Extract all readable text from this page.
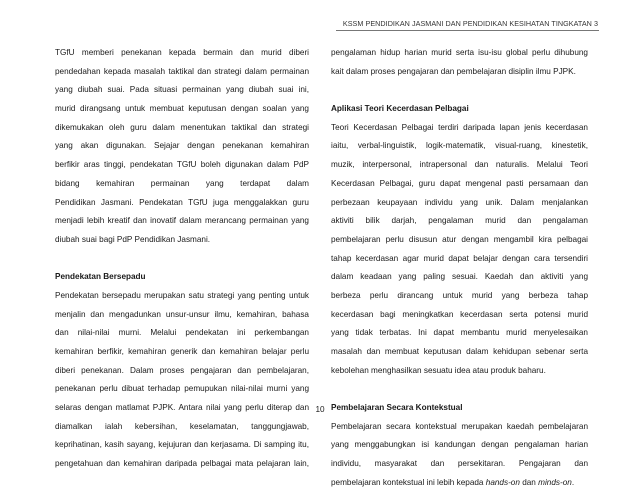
KSSM PENDIDIKAN JASMANI DAN PENDIDIKAN KESIHATAN TINGKATAN 3
TGfU memberi penekanan kepada bermain dan murid diberi
pendedahan kepada masalah taktikal dan strategi dalam permainan
yang diubah suai. Pada situasi permainan yang diubah suai ini,
murid dirangsang untuk membuat keputusan dengan soalan yang
dikemukakan oleh guru dalam menentukan taktikal dan strategi
yang akan digunakan. Sejajar dengan penekanan kemahiran
berfikir aras tinggi, pendekatan TGfU boleh digunakan dalam PdP
bidang kemahiran permainan yang terdapat dalam
Pendidikan Jasmani. Pendekatan TGfU juga menggalakkan guru
menjadi lebih kreatif dan inovatif dalam merancang permainan yang
diubah suai bagi PdP Pendidikan Jasmani.
Pendekatan Bersepadu
Pendekatan bersepadu merupakan satu strategi yang penting untuk
menjalin dan mengadunkan unsur-unsur ilmu, kemahiran, bahasa
dan nilai-nilai murni. Melalui pendekatan ini perkembangan
kemahiran berfikir, kemahiran generik dan kemahiran belajar perlu
diberi penekanan. Dalam proses pengajaran dan pembelajaran,
penekanan perlu dibuat terhadap pemupukan nilai-nilai murni yang
selaras dengan matlamat PJPK. Antara nilai yang perlu diterap dan
diamalkan ialah kebersihan, keselamatan, tanggungjawab,
keprihatinan, kasih sayang, kejujuran dan kerjasama. Di samping itu,
pengetahuan dan kemahiran daripada pelbagai mata pelajaran lain,
pengalaman hidup harian murid serta isu-isu global perlu dihubung
kait dalam proses pengajaran dan pembelajaran disiplin ilmu PJPK.
Aplikasi Teori Kecerdasan Pelbagai
Teori Kecerdasan Pelbagai terdiri daripada lapan jenis kecerdasan
iaitu, verbal-linguistik, logik-matematik, visual-ruang, kinestetik,
muzik, interpersonal, intrapersonal dan naturalis. Melalui Teori
Kecerdasan Pelbagai, guru dapat mengenal pasti persamaan dan
perbezaan keupayaan individu yang unik. Dalam menjalankan
aktiviti bilik darjah, pengalaman murid dan pengalaman
pembelajaran perlu disusun atur dengan mengambil kira pelbagai
tahap kecerdasan agar murid dapat belajar dengan cara tersendiri
dalam keadaan yang paling sesuai. Kaedah dan aktiviti yang
berbeza perlu dirancang untuk murid yang berbeza tahap
kecerdasan bagi meningkatkan kecerdasan serta potensi murid
yang tidak terbatas. Ini dapat membantu murid menyelesaikan
masalah dan membuat keputusan dalam kehidupan sebenar serta
kebolehan menghasilkan sesuatu idea atau produk baharu.
Pembelajaran Secara Kontekstual
Pembelajaran secara kontekstual merupakan kaedah pembelajaran
yang menggabungkan isi kandungan dengan pengalaman harian
individu, masyarakat dan persekitaran. Pengajaran dan
pembelajaran kontekstual ini lebih kepada hands-on dan minds-on.
10
